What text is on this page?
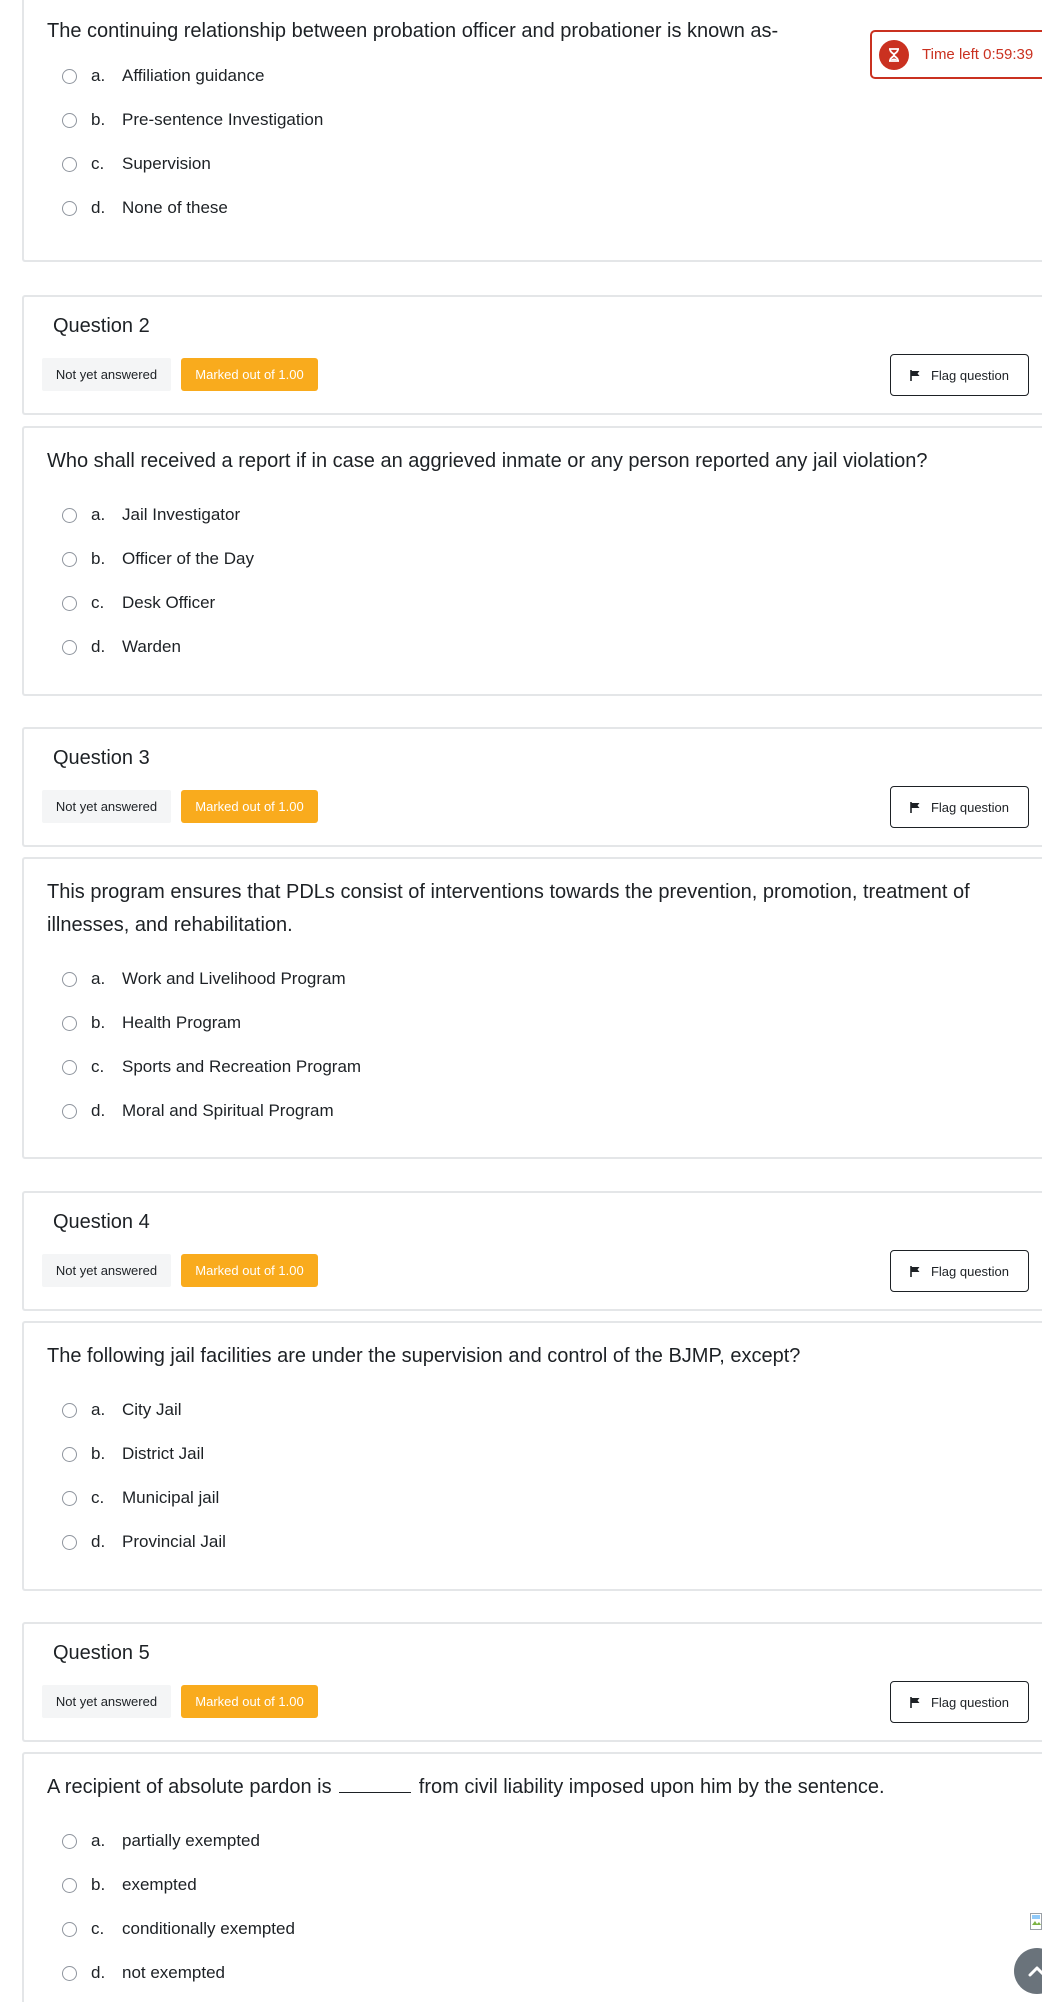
The continuing relationship between probation officer and probationer is known as-
a. Affiliation guidance
b. Pre-sentence Investigation
c.	Supervision
d. None of these
Time left 0:59:39
Question 2
Not yet answered	Marked out of 1.00	Flag question
Who shall received a report if in case an aggrieved inmate or any person reported any jail violation?
a. Jail Investigator
b. Officer of the Day
c.	Desk Officer
d. Warden
Question 3
Not yet answered	Marked out of 1.00	Flag question
This program ensures that PDLs consist of interventions towards the prevention, promotion, treatment of illnesses, and rehabilitation.
a. Work and Livelihood Program
b. Health Program
c.	Sports and Recreation Program
d. Moral and Spiritual Program
Question 4
Not yet answered	Marked out of 1.00	Flag question
The following jail facilities are under the supervision and control of the BJMP, except?
a. City Jail
b. District Jail
c.	Municipal jail
d. Provincial Jail
Question 5
Not yet answered	Marked out of 1.00	Flag question
A recipient of absolute pardon is	from civil liability imposed upon him by the sentence.
a. partially exempted
b. exempted
c.	conditionally exempted
d. not exempted
